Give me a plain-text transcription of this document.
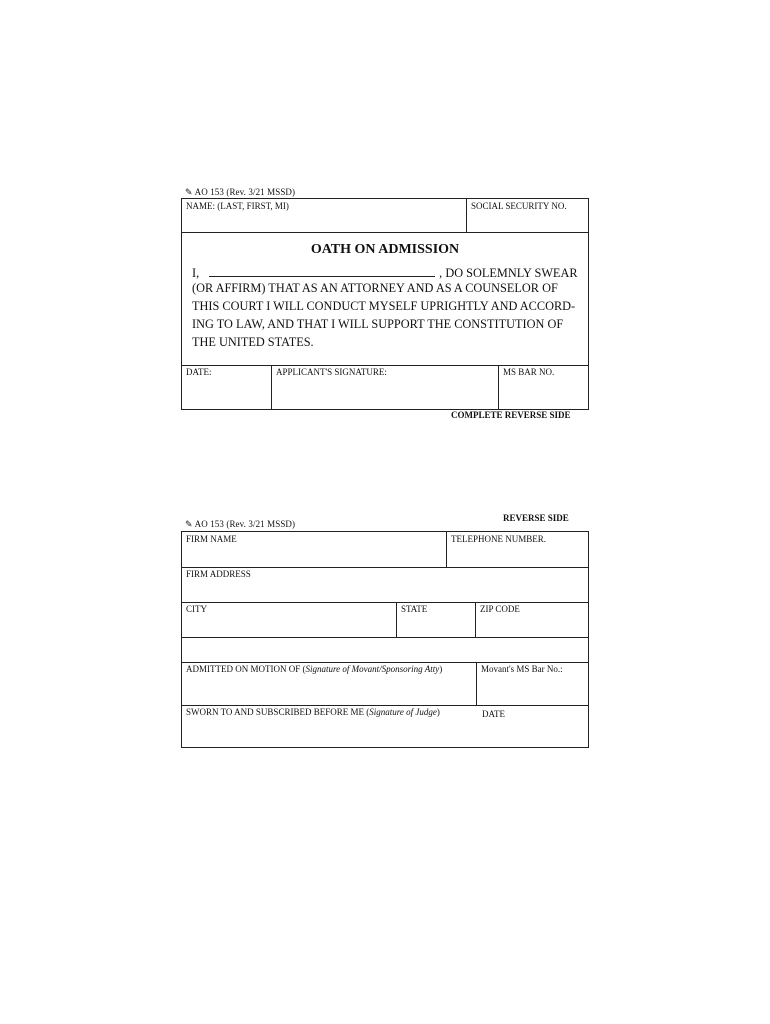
✎ AO 153 (Rev. 3/21 MSSD)
NAME: (LAST, FIRST, MI)	SOCIAL SECURITY NO.
OATH ON ADMISSION
I,	, DO SOLEMNLY SWEAR
(OR AFFIRM) THAT AS AN ATTORNEY AND AS A COUNSELOR OF
THIS COURT I WILL CONDUCT MYSELF UPRIGHTLY AND ACCORD-
ING TO LAW, AND THAT I WILL SUPPORT THE CONSTITUTION OF
THE UNITED STATES.
DATE:	APPLICANT'S SIGNATURE:	MS BAR NO.
COMPLETE REVERSE SIDE
REVERSE SIDE
✎ AO 153 (Rev. 3/21 MSSD)
FIRM NAME	TELEPHONE NUMBER.
FIRM ADDRESS
CITY	STATE	ZIP CODE
ADMITTED ON MOTION OF (Signature of Movant/Sponsoring Atty)	Movant's MS Bar No.:
SWORN TO AND SUBSCRIBED BEFORE ME (Signature of Judge)	DATE
